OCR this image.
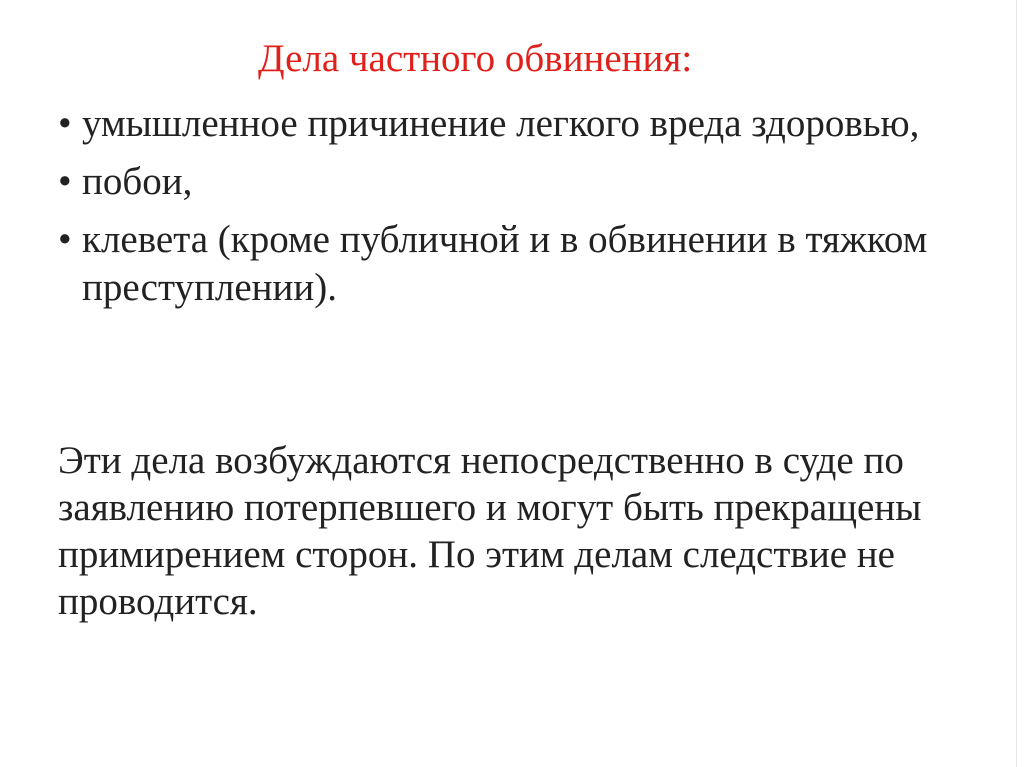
Дела частного обвинения:
• умышленное причинение легкого вреда здоровью,
• побои,
• клевета (кроме публичной и в обвинении в тяжком преступлении).

Эти дела возбуждаются непосредственно в суде по заявлению потерпевшего и могут быть прекращены примирением сторон. По этим делам следствие не проводится.
